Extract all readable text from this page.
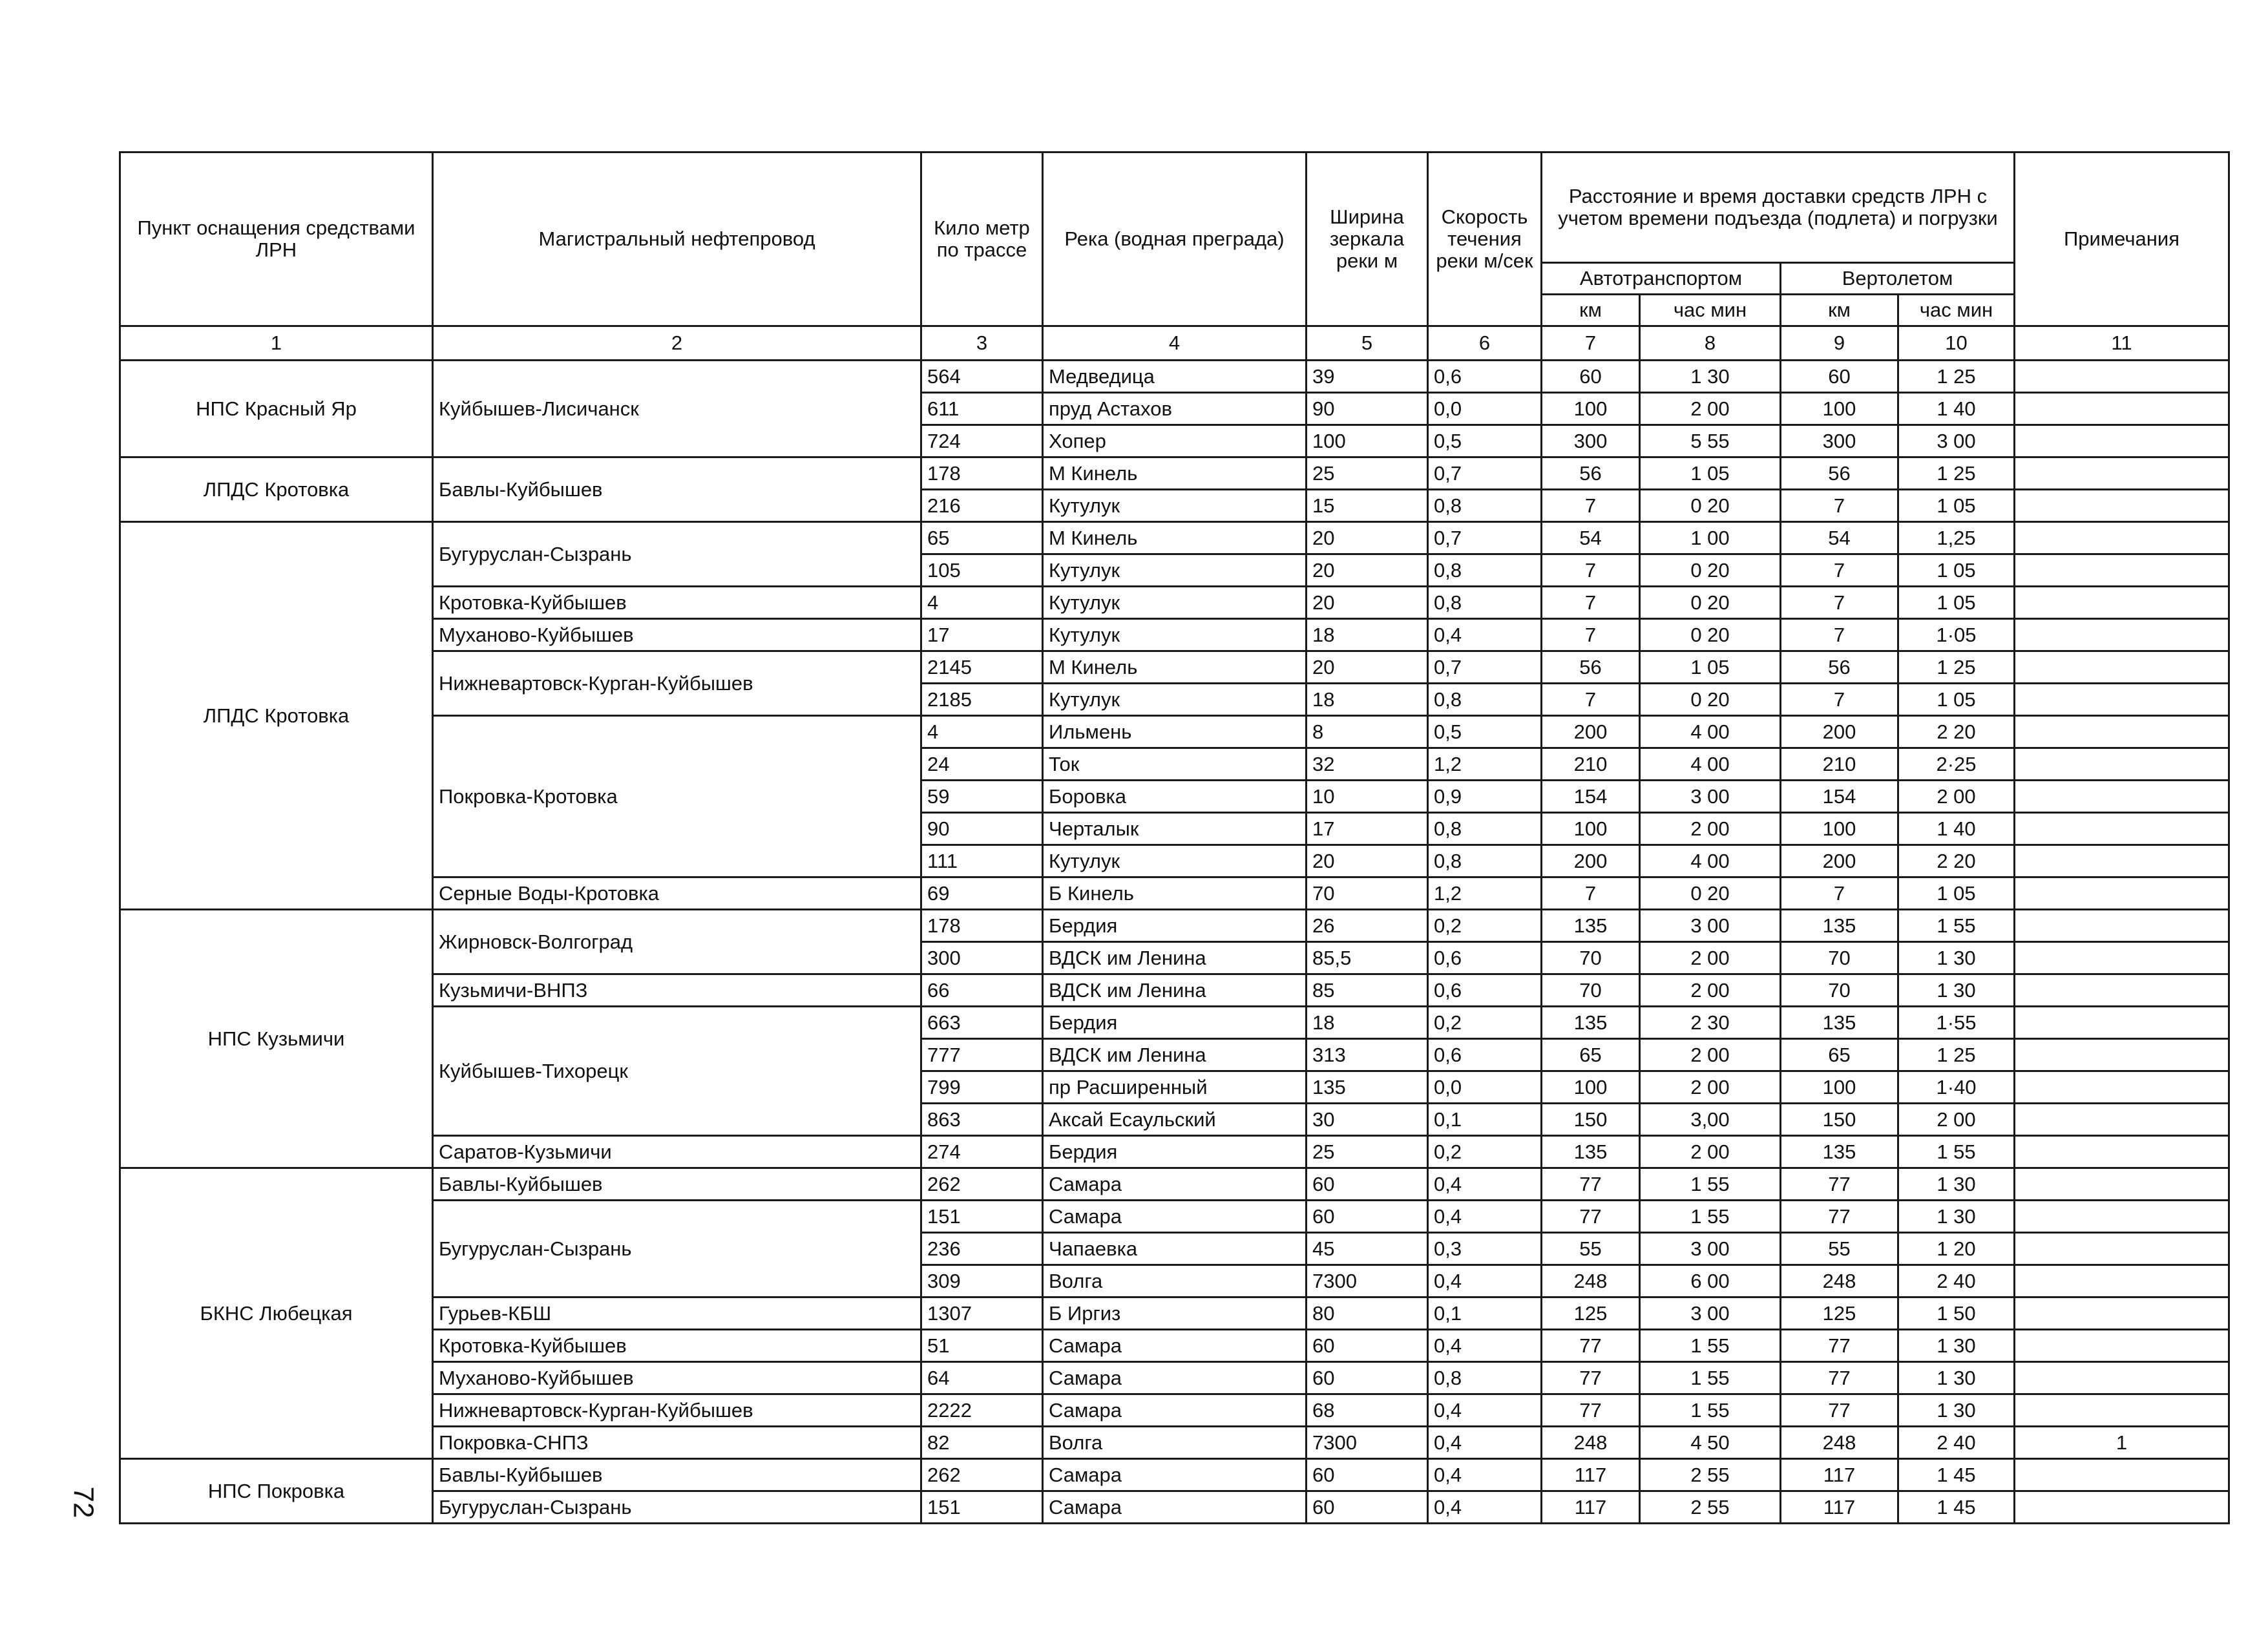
Пункт оснащения средствами ЛРН	Магистральный нефтепровод	Кило метр по трассе	Река (водная преграда)	Ширина зеркала реки м	Скорость течения реки м/сек	Расстояние и время доставки средств ЛРН с учетом времени подъезда (подлета) и погрузки				Примечания
						Автотранспортом		Вертолетом		
						км	час мин	км	час мин	
1	2	3	4	5	6	7	8	9	10	11
НПС Красный Яр	Куйбышев-Лисичанск	564	Медведица	39	0,6	60	1 30	60	1 25	
		611	пруд Астахов	90	0,0	100	2 00	100	1 40	
		724	Хопер	100	0,5	300	5 55	300	3 00	
ЛПДС Кротовка	Бавлы-Куйбышев	178	М Кинель	25	0,7	56	1 05	56	1 25	
		216	Кутулук	15	0,8	7	0 20	7	1 05	
ЛПДС Кротовка	Бугуруслан-Сызрань	65	М Кинель	20	0,7	54	1 00	54	1,25	
		105	Кутулук	20	0,8	7	0 20	7	1 05	
	Кротовка-Куйбышев	4	Кутулук	20	0,8	7	0 20	7	1 05	
	Муханово-Куйбышев	17	Кутулук	18	0,4	7	0 20	7	1·05	
	Нижневартовск-Курган-Куйбышев	2145	М Кинель	20	0,7	56	1 05	56	1 25	
		2185	Кутулук	18	0,8	7	0 20	7	1 05	
	Покровка-Кротовка	4	Ильмень	8	0,5	200	4 00	200	2 20	
		24	Ток	32	1,2	210	4 00	210	2·25	
		59	Боровка	10	0,9	154	3 00	154	2 00	
		90	Черталык	17	0,8	100	2 00	100	1 40	
		111	Кутулук	20	0,8	200	4 00	200	2 20	
	Серные Воды-Кротовка	69	Б Кинель	70	1,2	7	0 20	7	1 05	
НПС Кузьмичи	Жирновск-Волгоград	178	Бердия	26	0,2	135	3 00	135	1 55	
		300	ВДСК им Ленина	85,5	0,6	70	2 00	70	1 30	
	Кузьмичи-ВНПЗ	66	ВДСК им Ленина	85	0,6	70	2 00	70	1 30	
	Куйбышев-Тихорецк	663	Бердия	18	0,2	135	2 30	135	1·55	
		777	ВДСК им Ленина	313	0,6	65	2 00	65	1 25	
		799	пр Расширенный	135	0,0	100	2 00	100	1·40	
		863	Аксай Есаульский	30	0,1	150	3,00	150	2 00	
	Саратов-Кузьмичи	274	Бердия	25	0,2	135	2 00	135	1 55	
БКНС Любецкая	Бавлы-Куйбышев	262	Самара	60	0,4	77	1 55	77	1 30	
	Бугуруслан-Сызрань	151	Самара	60	0,4	77	1 55	77	1 30	
		236	Чапаевка	45	0,3	55	3 00	55	1 20	
		309	Волга	7300	0,4	248	6 00	248	2 40	
	Гурьев-КБШ	1307	Б Иргиз	80	0,1	125	3 00	125	1 50	
	Кротовка-Куйбышев	51	Самара	60	0,4	77	1 55	77	1 30	
	Муханово-Куйбышев	64	Самара	60	0,8	77	1 55	77	1 30	
	Нижневартовск-Курган-Куйбышев	2222	Самара	68	0,4	77	1 55	77	1 30	
	Покровка-СНПЗ	82	Волга	7300	0,4	248	4 50	248	2 40	1
НПС Покровка	Бавлы-Куйбышев	262	Самара	60	0,4	117	2 55	117	1 45	
	Бугуруслан-Сызрань	151	Самара	60	0,4	117	2 55	117	1 45	
72
